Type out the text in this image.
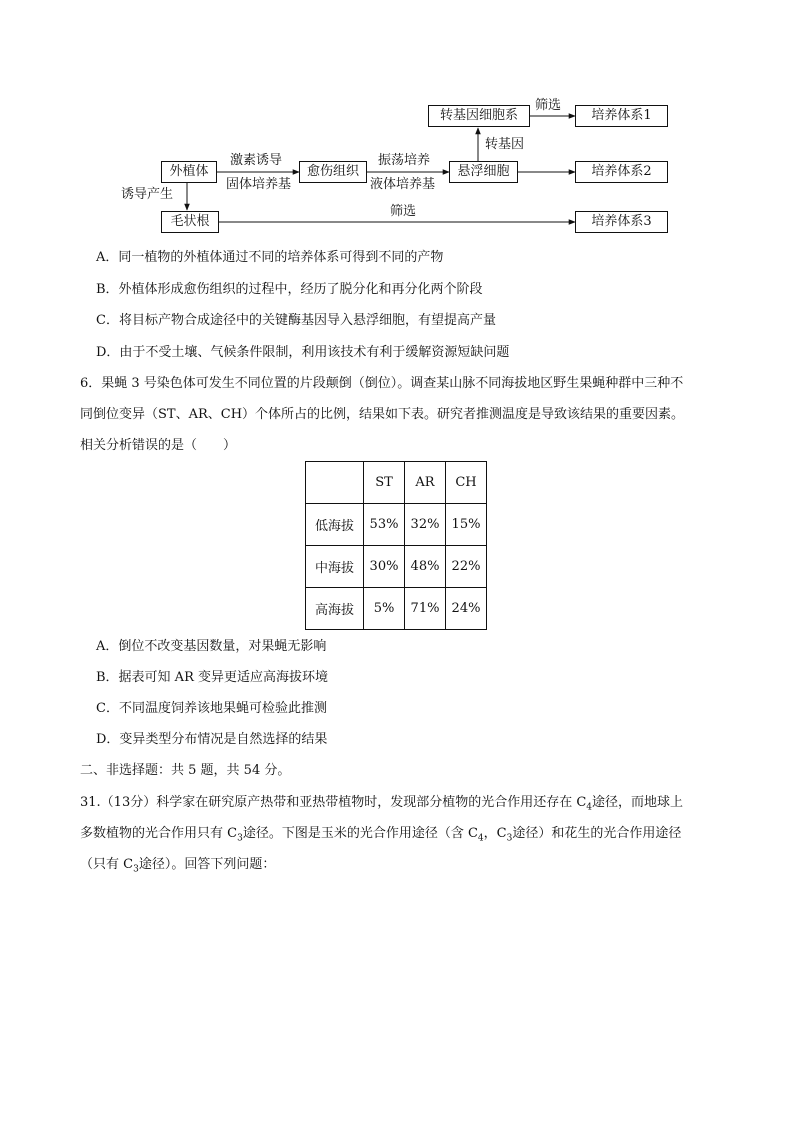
外植体	愈伤组织	悬浮细胞
转基因细胞系
毛状根
培养体系1
培养体系2
培养体系3
激素诱导
固体培养基
振荡培养
液体培养基
转基因
筛选
诱导产生
筛选
A．同一植物的外植体通过不同的培养体系可得到不同的产物
B．外植体形成愈伤组织的过程中，经历了脱分化和再分化两个阶段
C．将目标产物合成途径中的关键酶基因导入悬浮细胞，有望提高产量
D．由于不受土壤、气候条件限制，利用该技术有利于缓解资源短缺问题
6．果蝇 3 号染色体可发生不同位置的片段颠倒（倒位）。调查某山脉不同海拔地区野生果蝇种群中三种不
同倒位变异（ST、AR、CH）个体所占的比例，结果如下表。研究者推测温度是导致该结果的重要因素。
相关分析错误的是（　　）
	ST	AR	CH
低海拔	53%	32%	15%
中海拔	30%	48%	22%
高海拔	5%	71%	24%
A．倒位不改变基因数量，对果蝇无影响
B．据表可知 AR 变异更适应高海拔环境
C．不同温度饲养该地果蝇可检验此推测
D．变异类型分布情况是自然选择的结果
二、非选择题：共 5 题，共 54 分。
31.（13分）科学家在研究原产热带和亚热带植物时，发现部分植物的光合作用还存在 $C_4$途径，而地球上
多数植物的光合作用只有 $C_3$途径。下图是玉米的光合作用途径（含 $C_4$，$C_3$途径）和花生的光合作用途径
（只有 $C_3$途径）。回答下列问题：
